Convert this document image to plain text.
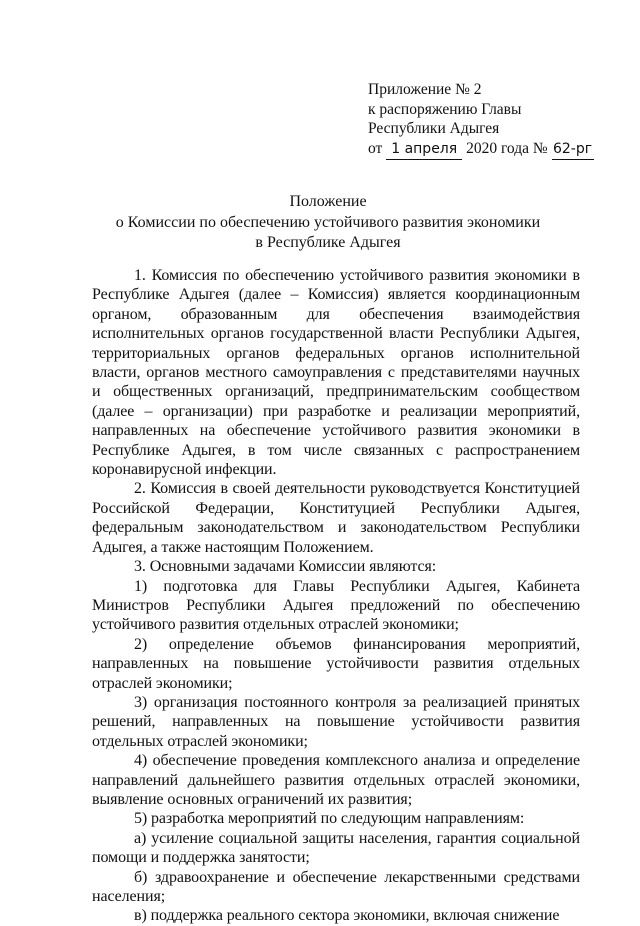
Приложение № 2
к распоряжению Главы
Республики Адыгея
от 1 апреля 2020 года № 62-рг
Положение
о Комиссии по обеспечению устойчивого развития экономики
в Республике Адыгея

1. Комиссия по обеспечению устойчивого развития экономики в Республике Адыгея (далее – Комиссия) является координационным органом, образованным для обеспечения взаимодействия исполнительных органов государственной власти Республики Адыгея, территориальных органов федеральных органов исполнительной власти, органов местного самоуправления с представителями научных и общественных организаций, предпринимательским сообществом (далее – организации) при разработке и реализации мероприятий, направленных на обеспечение устойчивого развития экономики в Республике Адыгея, в том числе связанных с распространением коронавирусной инфекции.

2. Комиссия в своей деятельности руководствуется Конституцией Российской Федерации, Конституцией Республики Адыгея, федеральным законодательством и законодательством Республики Адыгея, а также настоящим Положением.

3. Основными задачами Комиссии являются:

1) подготовка для Главы Республики Адыгея, Кабинета Министров Республики Адыгея предложений по обеспечению устойчивого развития отдельных отраслей экономики;

2) определение объемов финансирования мероприятий, направленных на повышение устойчивости развития отдельных отраслей экономики;

3) организация постоянного контроля за реализацией принятых решений, направленных на повышение устойчивости развития отдельных отраслей экономики;

4) обеспечение проведения комплексного анализа и определение направлений дальнейшего развития отдельных отраслей экономики, выявление основных ограничений их развития;

5) разработка мероприятий по следующим направлениям:

а) усиление социальной защиты населения, гарантия социальной помощи и поддержка занятости;

б) здравоохранение и обеспечение лекарственными средствами населения;

в) поддержка реального сектора экономики, включая снижение
